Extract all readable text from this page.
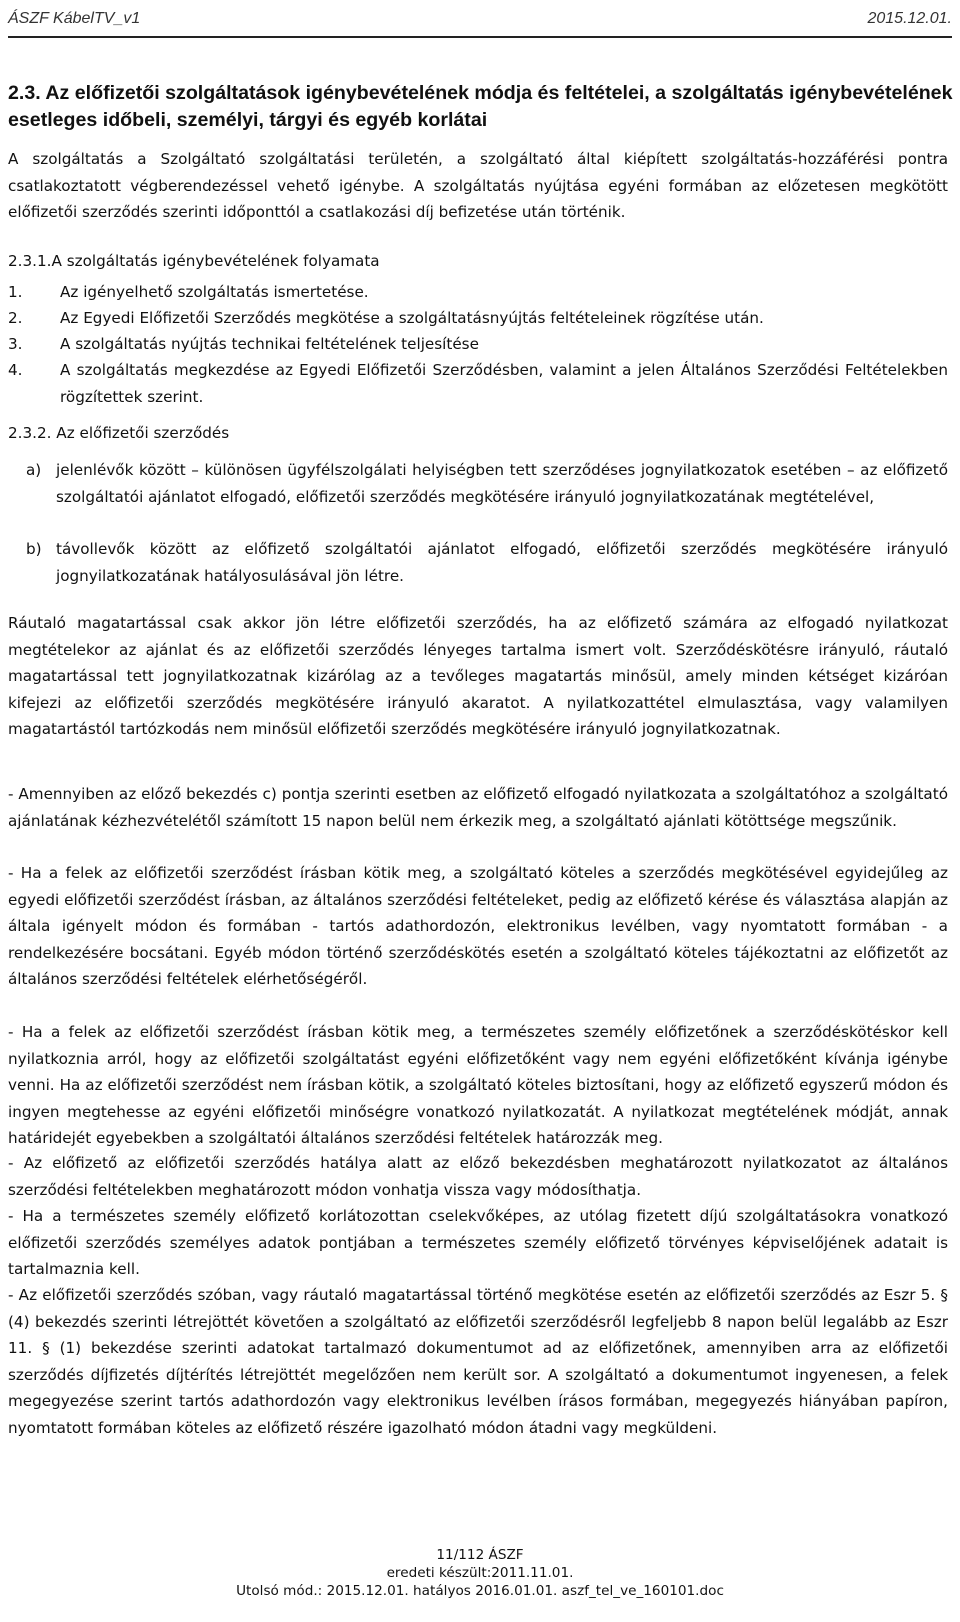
ÁSZF KábelTV_v1	2015.12.01.
2.3. Az előfizetői szolgáltatások igénybevételének módja és feltételei, a szolgáltatás igénybevételének esetleges időbeli, személyi, tárgyi és egyéb korlátai
A szolgáltatás a Szolgáltató szolgáltatási területén, a szolgáltató által kiépített szolgáltatás-hozzáférési pontra csatlakoztatott végberendezéssel vehető igénybe. A szolgáltatás nyújtása egyéni formában az előzetesen megkötött előfizetői szerződés szerinti időponttól a csatlakozási díj befizetése után történik.
2.3.1.A szolgáltatás igénybevételének folyamata
1. Az igényelhető szolgáltatás ismertetése.
2. Az Egyedi Előfizetői Szerződés megkötése a szolgáltatásnyújtás feltételeinek rögzítése után.
3. A szolgáltatás nyújtás technikai feltételének teljesítése
4. A szolgáltatás megkezdése az Egyedi Előfizetői Szerződésben, valamint a jelen Általános Szerződési Feltételekben rögzítettek szerint.
2.3.2. Az előfizetői szerződés
a) jelenlévők között – különösen ügyfélszolgálati helyiségben tett szerződéses jognyilatkozatok esetében – az előfizető szolgáltatói ajánlatot elfogadó, előfizetői szerződés megkötésére irányuló jognyilatkozatának megtételével,
b) távollevők között az előfizető szolgáltatói ajánlatot elfogadó, előfizetői szerződés megkötésére irányuló jognyilatkozatának hatályosulásával jön létre.
Ráutaló magatartással csak akkor jön létre előfizetői szerződés, ha az előfizető számára az elfogadó nyilatkozat megtételekor az ajánlat és az előfizetői szerződés lényeges tartalma ismert volt. Szerződéskötésre irányuló, ráutaló magatartással tett jognyilatkozatnak kizárólag az a tevőleges magatartás minősül, amely minden kétséget kizáróan kifejezi az előfizetői szerződés megkötésére irányuló akaratot. A nyilatkozattétel elmulasztása, vagy valamilyen magatartástól tartózkodás nem minősül előfizetői szerződés megkötésére irányuló jognyilatkozatnak.
- Amennyiben az előző bekezdés c) pontja szerinti esetben az előfizető elfogadó nyilatkozata a szolgáltatóhoz a szolgáltató ajánlatának kézhezvételétől számított 15 napon belül nem érkezik meg, a szolgáltató ajánlati kötöttsége megszűnik.
- Ha a felek az előfizetői szerződést írásban kötik meg, a szolgáltató köteles a szerződés megkötésével egyidejűleg az egyedi előfizetői szerződést írásban, az általános szerződési feltételeket, pedig az előfizető kérése és választása alapján az általa igényelt módon és formában - tartós adathordozón, elektronikus levélben, vagy nyomtatott formában - a rendelkezésére bocsátani. Egyéb módon történő szerződéskötés esetén a szolgáltató köteles tájékoztatni az előfizetőt az általános szerződési feltételek elérhetőségéről.
- Ha a felek az előfizetői szerződést írásban kötik meg, a természetes személy előfizetőnek a szerződéskötéskor kell nyilatkoznia arról, hogy az előfizetői szolgáltatást egyéni előfizetőként vagy nem egyéni előfizetőként kívánja igénybe venni. Ha az előfizetői szerződést nem írásban kötik, a szolgáltató köteles biztosítani, hogy az előfizető egyszerű módon és ingyen megtehesse az egyéni előfizetői minőségre vonatkozó nyilatkozatát. A nyilatkozat megtételének módját, annak határidejét egyebekben a szolgáltatói általános szerződési feltételek határozzák meg.
- Az előfizető az előfizetői szerződés hatálya alatt az előző bekezdésben meghatározott nyilatkozatot az általános szerződési feltételekben meghatározott módon vonhatja vissza vagy módosíthatja.
- Ha a természetes személy előfizető korlátozottan cselekvőképes, az utólag fizetett díjú szolgáltatásokra vonatkozó előfizetői szerződés személyes adatok pontjában a természetes személy előfizető törvényes képviselőjének adatait is tartalmaznia kell.
- Az előfizetői szerződés szóban, vagy ráutaló magatartással történő megkötése esetén az előfizetői szerződés az Eszr 5. § (4) bekezdés szerinti létrejöttét követően a szolgáltató az előfizetői szerződésről legfeljebb 8 napon belül legalább az Eszr 11. § (1) bekezdése szerinti adatokat tartalmazó dokumentumot ad az előfizetőnek, amennyiben arra az előfizetői szerződés díjfizetés díjtérítés létrejöttét megelőzően nem került sor. A szolgáltató a dokumentumot ingyenesen, a felek megegyezése szerint tartós adathordozón vagy elektronikus levélben írásos formában, megegyezés hiányában papíron, nyomtatott formában köteles az előfizető részére igazolható módon átadni vagy megküldeni.
11/112 ÁSZF
eredeti készült:2011.11.01.
Utolsó mód.: 2015.12.01. hatályos 2016.01.01. aszf_tel_ve_160101.doc
